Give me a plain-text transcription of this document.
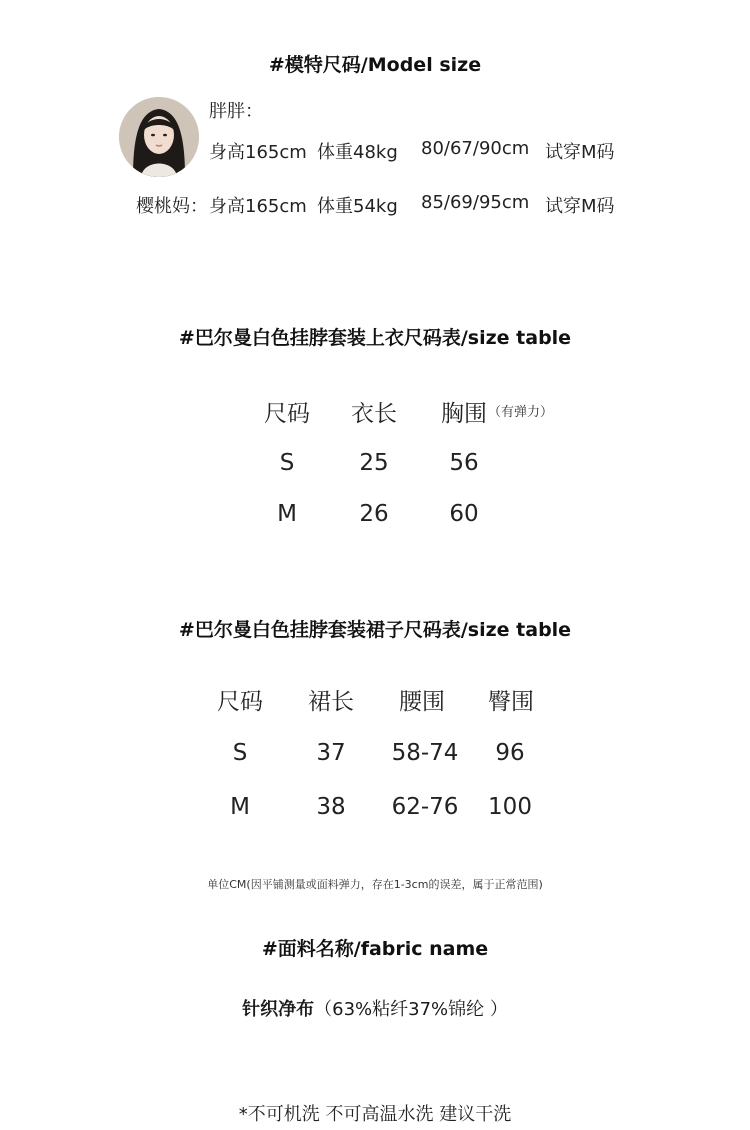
#模特尺码/Model size
胖胖：
身高165cm 体重48kg 80/67/90cm 试穿M码
樱桃妈： 身高165cm 体重54kg 85/69/95cm 试穿M码
#巴尔曼白色挂脖套装上衣尺码表/size table
尺码 衣长 胸围 （有弹力）
S	25	56
M	26	60
#巴尔曼白色挂脖套装裙子尺码表/size table
尺码 裙长 腰围 臀围
S	37 58-74 96
M	38 62-76 100
单位CM(因平铺测量或面料弹力，存在1-3cm的误差，属于正常范围)
#面料名称/fabric name
针织净布（63%粘纤37%锦纶 ）
*不可机洗 不可高温水洗 建议干洗
